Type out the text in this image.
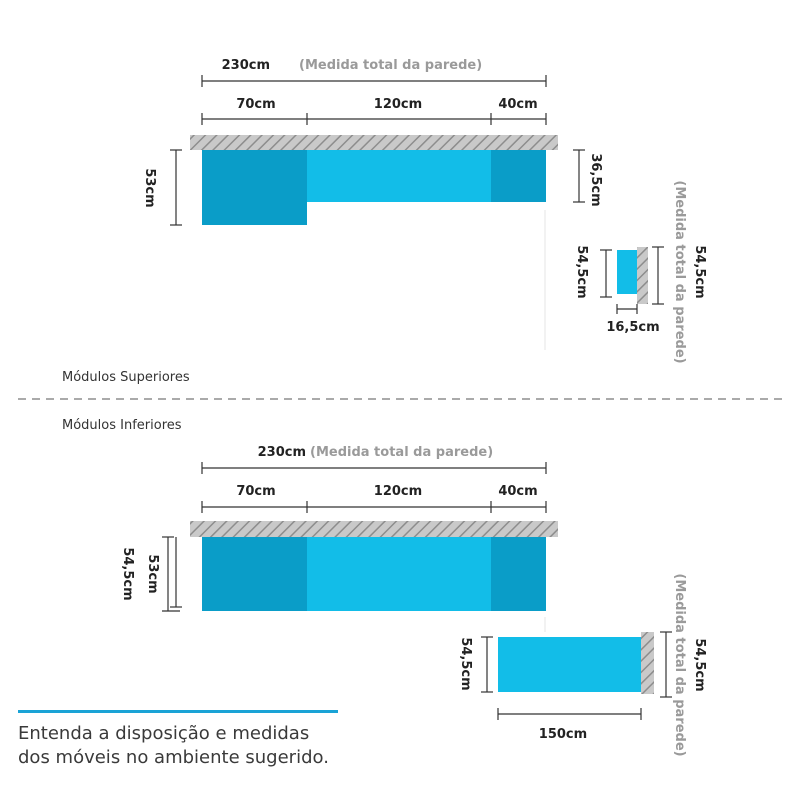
230cm (Medida total da parede)
70cm	120cm	40cm
53cm	36,5cm
54,5cm
16,5cm
54,5cm
(Medida total da parede)
Módulos Superiores
Módulos Inferiores
230cm (Medida total da parede)
70cm	120cm	40cm
54,5cm 53cm
54,5cm
150cm
54,5cm
(Medida total da parede)
Entenda a disposição e medidas
dos móveis no ambiente sugerido.
